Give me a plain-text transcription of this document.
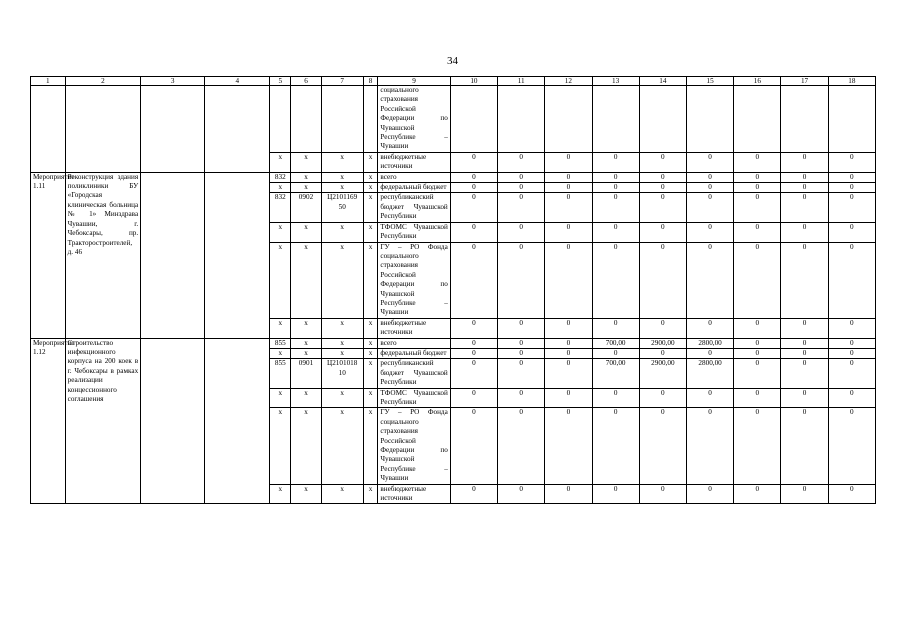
34
1	2	3	4	5	6	7	8	9	10	11	12	13	14	15	16	17	18
								социального страхования Российской Федерации по Чувашской Республике – Чувашии									
				x	x	x	x	внебюджетные источники	0	0	0	0	0	0	0	0	0
Мероприятие 1.11	Реконструкция здания поликлиники БУ «Городская клиническая больница № 1» Минздрава Чувашии, г. Чебоксары, пр. Тракторостроителей, д. 46			832	x	x	x	всего	0	0	0	0	0	0	0	0	0
				x	x	x	x	федеральный бюджет	0	0	0	0	0	0	0	0	0
				832	0902	Ц2101169 50	x	республиканский бюджет Чувашской Республики	0	0	0	0	0	0	0	0	0
				x	x	x	x	ТФОМС Чувашской Республики	0	0	0	0	0	0	0	0	0
				x	x	x	x	ГУ – РО Фонда социального страхования Российской Федерации по Чувашской Республике – Чувашии	0	0	0	0	0	0	0	0	0
				x	x	x	x	внебюджетные источники	0	0	0	0	0	0	0	0	0
Мероприятие 1.12	Строительство инфекционного корпуса на 200 коек в г. Чебоксары в рамках реализации концессионного соглашения			855	x	x	x	всего	0	0	0	700,00	2900,00	2800,00	0	0	0
				x	x	x	x	федеральный бюджет	0	0	0	0	0	0	0	0	0
				855	0901	Ц2101018 10	x	республиканский бюджет Чувашской Республики	0	0	0	700,00	2900,00	2800,00	0	0	0
				x	x	x	x	ТФОМС Чувашской Республики	0	0	0	0	0	0	0	0	0
				x	x	x	x	ГУ – РО Фонда социального страхования Российской Федерации по Чувашской Республике – Чувашии	0	0	0	0	0	0	0	0	0
				x	x	x	x	внебюджетные источники	0	0	0	0	0	0	0	0	0
